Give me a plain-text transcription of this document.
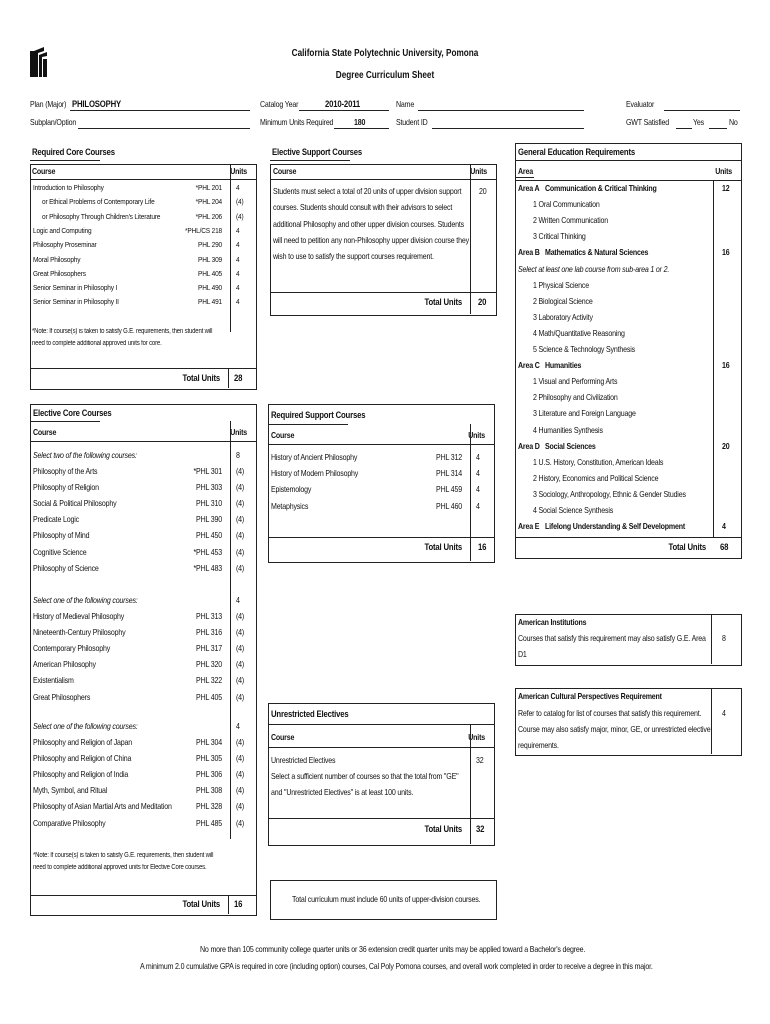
California State Polytechnic University, Pomona
Degree Curriculum Sheet
Plan (Major) PHILOSOPHY
Subplan/Option
Catalog Year	2010-2011
Minimum Units Required	180
Name
Student ID
Evaluator
GWT Satisfied	Yes	No
Required Core Courses
Course	Units
Introduction to Philosophy	*PHL 201 4
or Ethical Problems of Contemporary Life	*PHL 204 (4)
or Philosophy Through Children's Literature	*PHL 206 (4)
Logic and Computing	*PHL/CS 218 4
Philosophy Proseminar	PHL 290 4
Moral Philosophy	PHL 309 4
Great Philosophers	PHL 405 4
Senior Seminar in Philosophy I	PHL 490 4
Senior Seminar in Philosophy II	PHL 491 4
*Note: If course(s) is taken to satisfy G.E. requirements, then student will
need to complete additional approved units for core.
Total Units 28
Elective Core Courses
Course	Units
Select two of the following courses:	8
Philosophy of the Arts	*PHL 301 (4)
Philosophy of Religion	PHL 303 (4)
Social & Political Philosophy	PHL 310 (4)
Predicate Logic	PHL 390 (4)
Philosophy of Mind	PHL 450 (4)
Cognitive Science	*PHL 453 (4)
Philosophy of Science	*PHL 483 (4)
Select one of the following courses:	4
History of Medieval Philosophy	PHL 313 (4)
Nineteenth-Century Philosophy	PHL 316 (4)
Contemporary Philosophy	PHL 317 (4)
American Philosophy	PHL 320 (4)
Existentialism	PHL 322 (4)
Great Philosophers	PHL 405 (4)
Select one of the following courses:	4
Philosophy and Religion of Japan	PHL 304 (4)
Philosophy and Religion of China	PHL 305 (4)
Philosophy and Religion of India	PHL 306 (4)
Myth, Symbol, and Ritual	PHL 308 (4)
Philosophy of Asian Martial Arts and Meditation	PHL 328 (4)
Comparative Philosophy	PHL 485 (4)
*Note: If course(s) is taken to satisfy G.E. requirements, then student will
need to complete additional approved units for Elective Core courses.
Total Units 16
Elective Support Courses
Course	Units
Students must select a total of 20 units of upper division support
courses. Students should consult with their advisors to select
additional Philosophy and other upper division courses. Students
will need to petition any non-Philosophy upper division course they
wish to use to satisfy the support courses requirement.
20
Total Units 20
Required Support Courses
Course	Units
History of Ancient Philosophy	PHL 312 4
History of Modern Philosophy	PHL 314 4
Epistemology	PHL 459 4
Metaphysics	PHL 460 4
Total Units 16
Unrestricted Electives
Course	Units
Unrestricted Electives	32
Select a sufficient number of courses so that the total from "GE"
and "Unrestricted Electives" is at least 100 units.
Total Units 32
Total curriculum must include 60 units of upper-division courses.
General Education Requirements
Area	Units
Area A Communication & Critical Thinking	12
1 Oral Communication
2 Written Communication
3 Critical Thinking
Area B Mathematics & Natural Sciences	16
Select at least one lab course from sub-area 1 or 2.
1 Physical Science
2 Biological Science
3 Laboratory Activity
4 Math/Quantitative Reasoning
5 Science & Technology Synthesis
Area C Humanities	16
1 Visual and Performing Arts
2 Philosophy and Civilization
3 Literature and Foreign Language
4 Humanities Synthesis
Area D Social Sciences	20
1 U.S. History, Constitution, American Ideals
2 History, Economics and Political Science
3 Sociology, Anthropology, Ethnic & Gender Studies
4 Social Science Synthesis
Area E Lifelong Understanding & Self Development	4
Total Units 68
American Institutions
Courses that satisfy this requirement may also satisfy G.E. Area
D1
8
American Cultural Perspectives Requirement
Refer to catalog for list of courses that satisfy this requirement.
Course may also satisfy major, minor, GE, or unrestricted elective
requirements.
4
No more than 105 community college quarter units or 36 extension credit quarter units may be applied toward a Bachelor's degree.
A minimum 2.0 cumulative GPA is required in core (including option) courses, Cal Poly Pomona courses, and overall work completed in order to receive a degree in this major.
